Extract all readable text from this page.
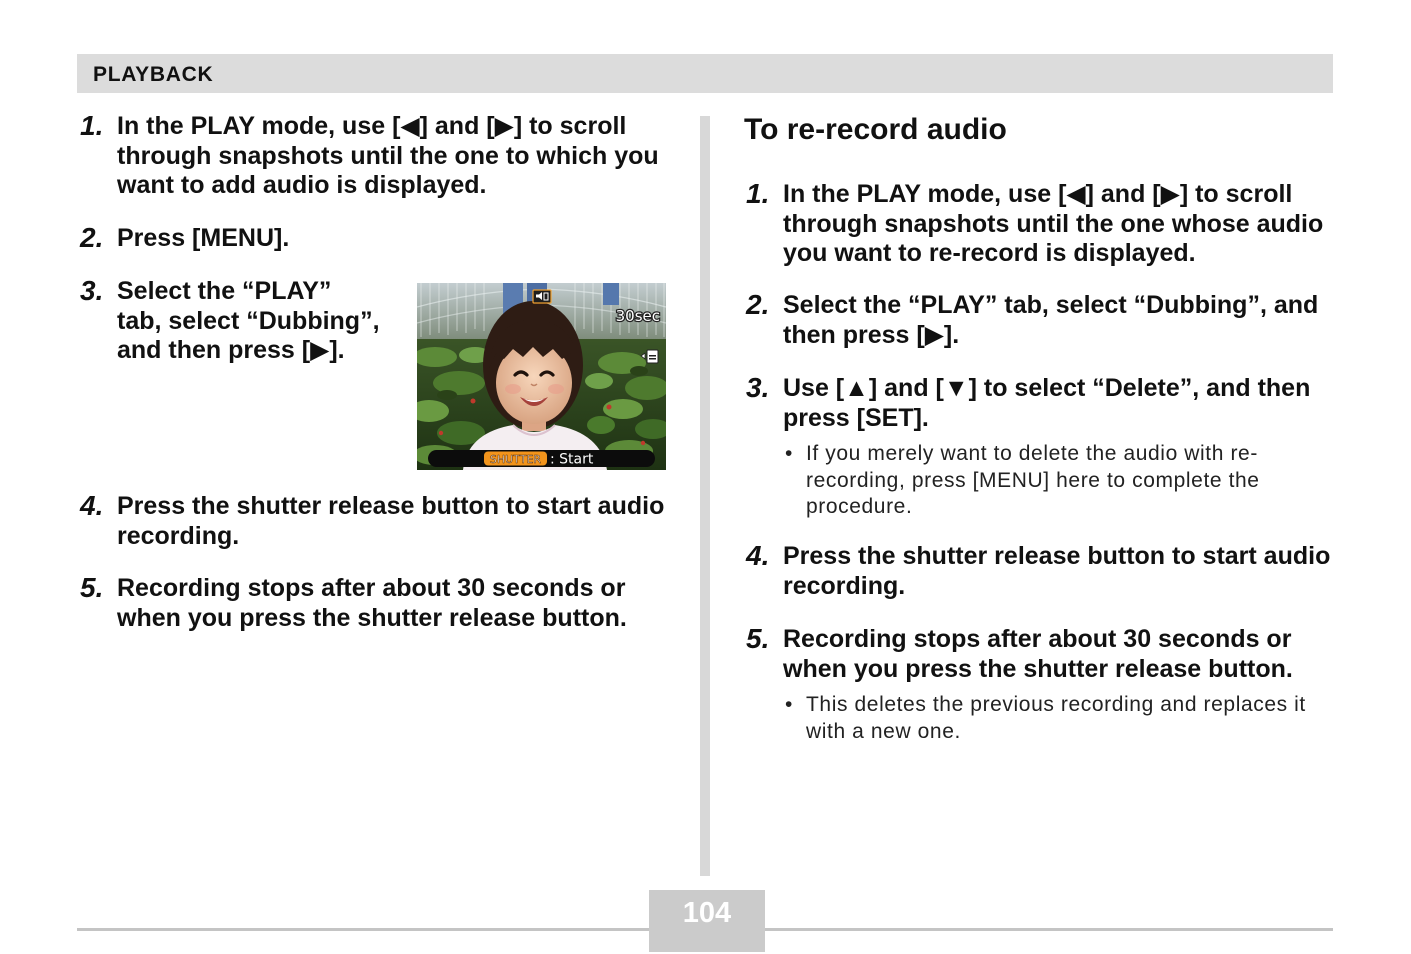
PLAYBACK
1. In the PLAY mode, use [◀] and [▶] to scroll
through snapshots until the one to which you
want to add audio is displayed.
2. Press [MENU].
3. Select the “PLAY”
tab, select “Dubbing”,
and then press [▶].
4. Press the shutter release button to start audio
recording.
5. Recording stops after about 30 seconds or
when you press the shutter release button.
30sec
SHUTTER : Start
To re-record audio
1. In the PLAY mode, use [◀] and [▶] to scroll
through snapshots until the one whose audio
you want to re-record is displayed.
2. Select the “PLAY” tab, select “Dubbing”, and
then press [▶].
3. Use [▲] and [▼] to select “Delete”, and then
press [SET].
•
If you merely want to delete the audio with re-
recording, press [MENU] here to complete the
procedure.
4. Press the shutter release button to start audio
recording.
5. Recording stops after about 30 seconds or
when you press the shutter release button.
•
This deletes the previous recording and replaces it
with a new one.
104
